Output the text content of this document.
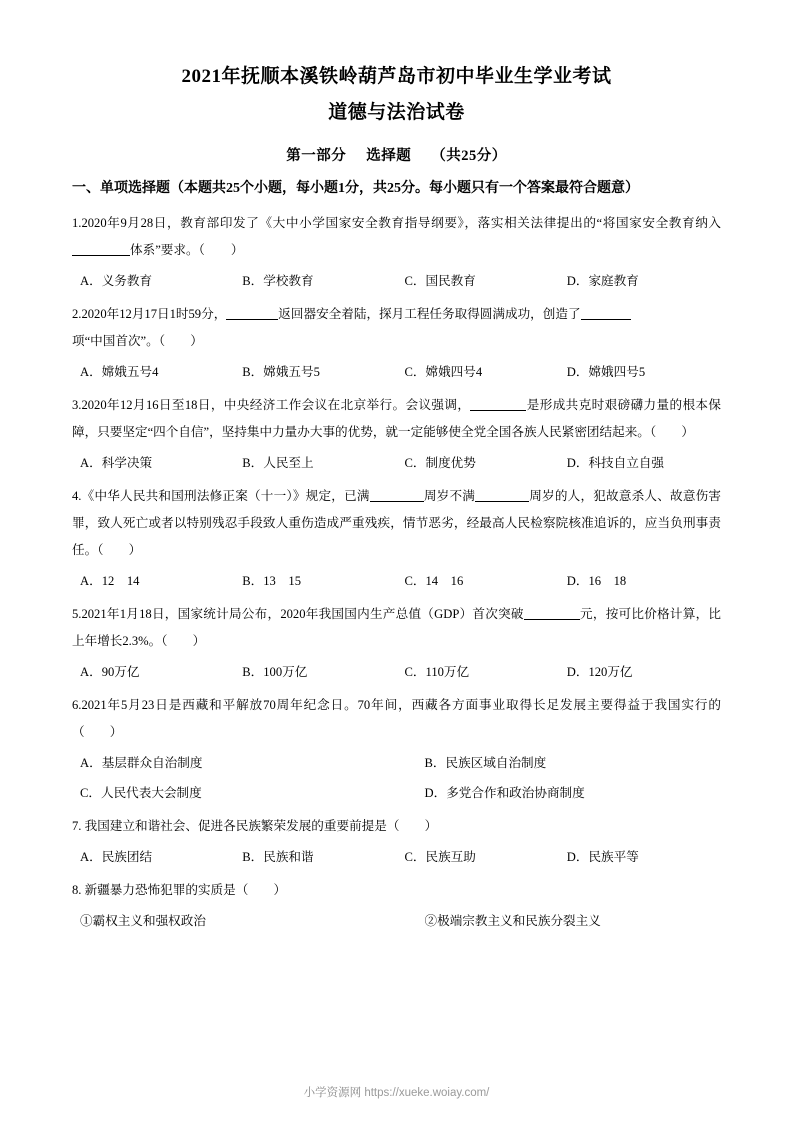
2021年抚顺本溪铁岭葫芦岛市初中毕业生学业考试
道德与法治试卷
第一部分 选择题 （共25分）
一、单项选择题（本题共25个小题，每小题1分，共25分。每小题只有一个答案最符合题意）
1.2020年9月28日，教育部印发了《大中小学国家安全教育指导纲要》，落实相关法律提出的“将国家安全教育纳入体系”要求。（ ）
A．义务教育	B．学校教育	C．国民教育	D．家庭教育
2.2020年12月17日1时59分，	返回器安全着陆，探月工程任务取得圆满成功，创造了
项“中国首次”。（　　）
A．嫦娥五号4	B．嫦娥五号5	C．嫦娥四号4	D．嫦娥四号5
3.2020年12月16日至18日，中央经济工作会议在北京举行。会议强调，	是形成共克时艰磅礴力量的根本保障，只要坚定“四个自信”，坚持集中力量办大事的优势，就一定能够使全党全国各族人民紧密团结起来。（　　）
A．科学决策	B．人民至上	C．制度优势	D．科技自立自强
4.《中华人民共和国刑法修正案（十一）》规定，已满	周岁不满	周岁的人，犯故意杀人、故意伤害罪，致人死亡或者以特别残忍手段致人重伤造成严重残疾，情节恶劣，经最高人民检察院核准追诉的，应当负刑事责任。（　　）
A．12　14	B．13　15	C．14　16	D．16　18
5.2021年1月18日，国家统计局公布，2020年我国国内生产总值（GDP）首次突破	元，按可比价格计算，比上年增长2.3%。（　　）
A．90万亿	B．100万亿	C．110万亿	D．120万亿
6.2021年5月23日是西藏和平解放70周年纪念日。70年间，西藏各方面事业取得长足发展主要得益于我国实行的（　　）
A．基层群众自治制度	B．民族区域自治制度
C．人民代表大会制度	D．多党合作和政治协商制度
7. 我国建立和谐社会、促进各民族繁荣发展的重要前提是（　　）
A．民族团结	B．民族和谐	C．民族互助	D．民族平等
8. 新疆暴力恐怖犯罪的实质是（　　）
①霸权主义和强权政治	②极端宗教主义和民族分裂主义
小学资源网 https://xueke.woiay.com/
